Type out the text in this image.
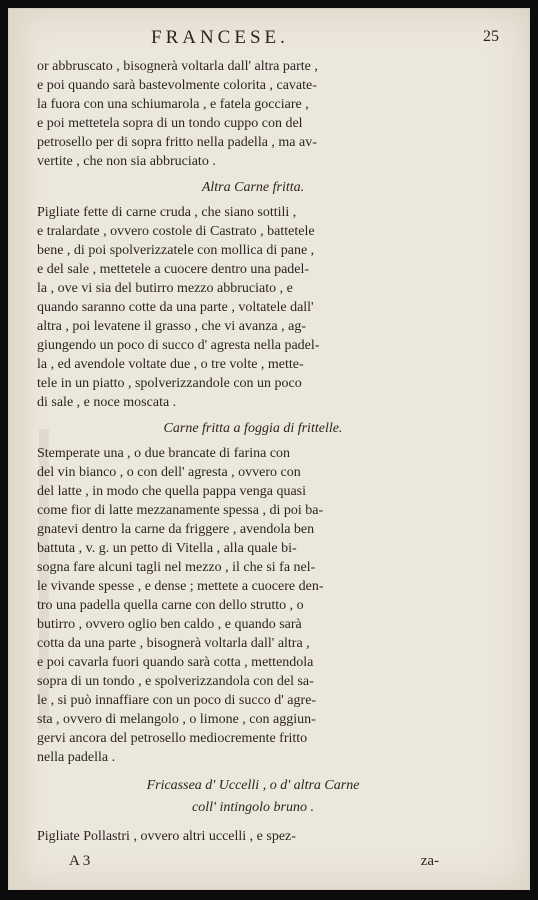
FRANCESE.	25
or abbruscato , bisognerà voltarla dall' altra parte ,
e poi quando sarà bastevolmente colorita , cavate-
la fuora con una schiumarola , e fatela gocciare ,
e poi mettetela sopra di un tondo cuppo con del
petrosello per di sopra fritto nella padella , ma av-
vertite , che non sia abbruciato .
Altra Carne fritta.
Pigliate fette di carne cruda , che siano sottili ,
e tralardate , ovvero costole di Castrato , battetele
bene , di poi spolverizzatele con mollica di pane ,
e del sale , mettetele a cuocere dentro una padel-
la , ove vi sia del butirro mezzo abbruciato , e
quando saranno cotte da una parte , voltatele dall'
altra , poi levatene il grasso , che vi avanza , ag-
giungendo un poco di succo d' agresta nella padel-
la , ed avendole voltate due , o tre volte , mette-
tele in un piatto , spolverizzandole con un poco
di sale , e noce moscata .
Carne fritta a foggia di frittelle.
Stemperate una , o due brancate di farina con
del vin bianco , o con dell' agresta , ovvero con
del latte , in modo che quella pappa venga quasi
come fior di latte mezzanamente spessa , di poi ba-
gnatevi dentro la carne da friggere , avendola ben
battuta , v. g. un petto di Vitella , alla quale bi-
sogna fare alcuni tagli nel mezzo , il che si fa nel-
le vivande spesse , e dense ; mettete a cuocere den-
tro una padella quella carne con dello strutto , o
butirro , ovvero oglio ben caldo , e quando sarà
cotta da una parte , bisognerà voltarla dall' altra ,
e poi cavarla fuori quando sarà cotta , mettendola
sopra di un tondo , e spolverizzandola con del sa-
le , si può innaffiare con un poco di succo d' agre-
sta , ovvero di melangolo , o limone , con aggiun-
gervi ancora del petrosello mediocremente fritto
nella padella .
Fricassea d' Uccelli , o d' altra Carne
coll' intingolo bruno .
Pigliate Pollastri , ovvero altri uccelli , e spez-
A 3	za-
